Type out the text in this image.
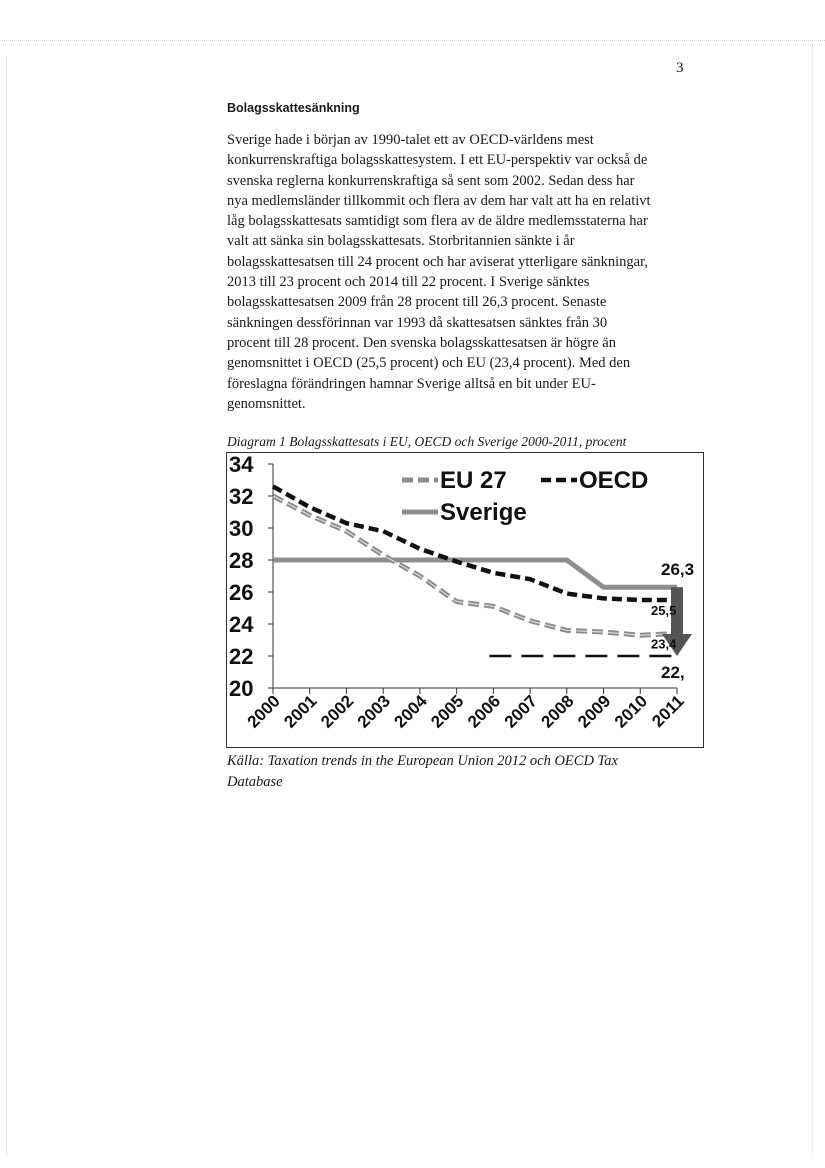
3
Bolagsskattesänkning
Sverige hade i början av 1990-talet ett av OECD-världens mest
konkurrenskraftiga bolagsskattesystem. I ett EU-perspektiv var också de
svenska reglerna konkurrenskraftiga så sent som 2002. Sedan dess har
nya medlemsländer tillkommit och flera av dem har valt att ha en relativt
låg bolagsskattesats samtidigt som flera av de äldre medlemsstaterna har
valt att sänka sin bolagsskattesats. Storbritannien sänkte i år
bolagsskattesatsen till 24 procent och har aviserat ytterligare sänkningar,
2013 till 23 procent och 2014 till 22 procent. I Sverige sänktes
bolagsskattesatsen 2009 från 28 procent till 26,3 procent. Senaste
sänkningen dessförinnan var 1993 då skattesatsen sänktes från 30
procent till 28 procent. Den svenska bolagsskattesatsen är högre än
genomsnittet i OECD (25,5 procent) och EU (23,4 procent). Med den
föreslagna förändringen hamnar Sverige alltså en bit under EU-
genomsnittet.
Diagram 1 Bolagsskattesats i EU, OECD och Sverige 2000-2011, procent
20
22
24
26
28
30
32
34
2000
2001
2002
2003
2004
2005
2006
2007
2008
2009
2010
2011
26,3
25,5
23,4
22,
EU 27	OECD
Sverige
Källa: Taxation trends in the European Union 2012 och OECD Tax
Database
